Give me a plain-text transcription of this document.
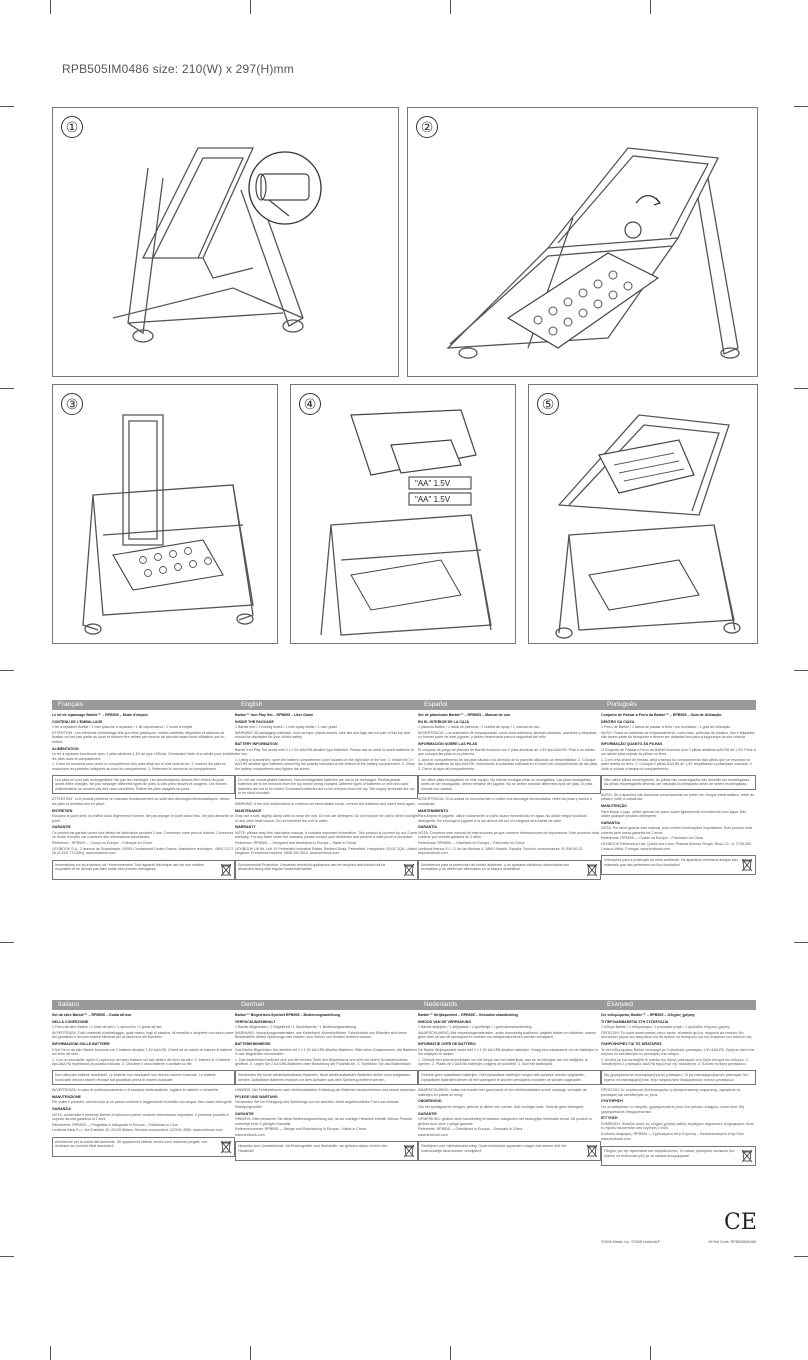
RPB505IM0486 size: 210(W) x 297(H)mm
①	②
③	④
"AA" 1.5V
"AA" 1.5V
⑤
Français
Le kit de repassage Barbie™ – RPB505 – Mode d'emploi
CONTENU DE L'EMBALLAGE
1 fer à repasser Barbie / 1 mini planche à repasser / 1 kit vaporisateur / 1 mode d'emploi
ATTENTION : Les éléments d'emballage tels que films plastiques, rubans adhésifs, étiquettes et attaches de fixation ne font pas partie du jouet et doivent être retirés par mesure de sécurité avant toute utilisation par un enfant.
ALIMENTATION
Le fer à repasser fonctionne avec 2 piles alcalines 1,5V de type LR6/AA. Demandez l'aide d'un adulte pour installer les piles dans le compartiment.
1. Il faut un tournevis pour ouvrir le compartiment des piles situé sur le côté droit du fer. 2. Insérez les piles en respectant les polarités indiquées au fond du compartiment. 3. Refermez le couvercle du compartiment.
Les piles ne sont pas rechargeables. Ne pas les recharger. Les accumulateurs doivent être retirés du jouet avant d'être chargés. Ne pas mélanger différents types de piles ou des piles neuves et usagées. Les bornes d'alimentation ne doivent pas être court-circuitées. Retirer les piles usagées du jouet.
ATTENTION : si le produit présente un mauvais fonctionnement ou subit des décharges électrostatiques, retirez les piles et remettez-les en place.
ENTRETIEN
Essuyez le jouet avec un chiffon doux légèrement humide. Ne pas plonger le jouet dans l'eau. Ne pas démonter le jouet.
GARANTIE
Ce produit est garanti contre tout défaut de fabrication pendant 2 ans. Conservez votre preuve d'achat. Conservez ce mode d'emploi car il contient des informations importantes.
Référence : RPB505 — Conçu en Europe – Fabriqué en Chine
LEXIBOOK S.A., 2 avenue de Scandinavie, 91953 Courtaboeuf Cedex France. Assistance technique : 0892 23 27 26 (0,34 € TTC/Min), www.lexibook.com
Informations sur la protection de l'environnement. Tout appareil électrique usé est une matière recyclable et ne devrait pas faire partie des ordures ménagères.
English
Barbie™ Iron Play Set – RPB505 – User Guide
INSIDE THE PACKAGE
1 Barbie iron / 1 ironing board / 1 mini spray bottle / 1 user guide
WARNING: All packaging materials, such as tape, plastic sheets, wire ties and tags are not part of this toy and should be discarded for your child's safety.
BATTERY INFORMATION
Barbie Iron Play Set works with 2 x 1.5V AA/LR6 alkaline type batteries. Please ask an adult to insert batteries in the iron.
1. Using a screwdriver, open the battery compartment cover located on the right side of the iron. 2. Install the 2 x AA/LR6 alkaline type batteries observing the polarity indicated at the bottom of the battery compartment. 3. Close the battery compartment and tighten the screw.
Do not use rechargeable batteries. Non-rechargeable batteries are not to be recharged. Rechargeable batteries are to be removed from the toy before being charged. Different types of batteries or new and used batteries are not to be mixed. Exhausted batteries are to be removed from the toy. The supply terminals are not to be short-circuited.
WARNING: If the unit malfunctions or receives an electrostatic shock, remove the batteries and insert them again.
MAINTENANCE
Only use a soft, slightly damp cloth to clean the unit. Do not use detergent. Do not expose the unit to direct sunlight or any other heat source. Do not immerse the unit in water.
WARRANTY
NOTE: please keep this instruction manual, it contains important information. This product is covered by our 2-year warranty. For any claim under the warranty please contact your distributor and present a valid proof of purchase.
Reference: RPB505 — Designed and developed in Europe – Made in China
LEXIBOOK UK ltd, Unit 10 Petersfield Industrial Estate, Bedford Road, Petersfield, Hampshire, GU32 3QA, United Kingdom. Freephone helpline: 0808 100 3015. www.lexibook.com
Environmental Protection. Unwanted electrical appliances can be recycled and should not be discarded along with regular household waste!
Español
Set de planchado Barbie™ – RPB505 – Manual de uso
EN EL INTERIOR DE LA CAJA
1 plancha Barbie / 1 tabla de planchar / 1 botella de spray / 1 manual de uso
ADVERTENCIA: Los materiales de empaquetado, como cinta adhesiva, láminas plásticas, alambres y etiquetas, no forman parte de este juguete, y deben desecharse para la seguridad del niño.
INFORMACIÓN SOBRE LAS PILAS
El conjunto de juego de plancha de Barbie funciona con 2 pilas alcalinas de 1,5V tipo AA/LR6. Pide a un adulto que coloque las pilas en la plancha.
1. Abra el compartimento de las pilas situado a la derecha de la plancha utilizando un destornillador. 2. Coloque las 2 pilas alcalinas de tipo AA/LR6, observando la polaridad indicada en el fondo del compartimento de las pilas. 3. Cierre la tapa del compartimento.
No utilice pilas recargables en este equipo. No intente recargar pilas no recargables. Las pilas recargables, antes de ser recargadas, deben retirarse del juguete. No se deben mezclar diferentes tipos de pilas, ni pilas nuevas con usadas.
ADVERTENCIA: Si la unidad no funciona bien o recibe una descarga electrostática, retire las pilas y vuelva a colocarlas.
MANTENIMIENTO
Para limpiar el juguete, utilice únicamente un paño suave humedecido en agua. No utilice ningún producto detergente. No exponga el juguete a la luz directa del sol ni a ninguna otra fuente de calor.
GARANTÍA
NOTA: Conserve este manual de instrucciones ya que contiene informaciones de importancia. Este producto está cubierto por nuestra garantía de 2 años.
Referencia: RPB505 — Diseñado en Europa – Fabricado en China
Lexibook Ibérica S.L, C/ de las Hiedras 4, 28691 Madrid, España. Servicio consumidores: 91 548 89 32. www.lexibook.com
Advertencia para la protección del medio ambiente. ¡Los aparatos eléctricos desechados son reciclables y no deben ser eliminados en la basura doméstica!
Português
Conjunto de Passar a Ferro da Barbie™ – RPB505 – Guia de Utilização
DENTRO DA CAIXA
1 Ferro de Barbie / 1 tábua de passar a ferro / um borrifador / 1 guia de utilização
AVISO: Todos os materiais de empacotamento, como fitas, películas de plástico, fios e etiquetas não fazem parte do brinquedo e devem ser deitados fora para a segurança da sua criança.
INFORMAÇÃO QUANTO ÀS PILHAS
O Conjunto de Passar a Ferro da Barbie funciona com 2 pilhas alcalinas AA/LR6 de 1,5V. Pede a um adulto para colocar as pilhas no ferro.
1. Com uma chave de fendas, abra a tampa do compartimento das pilhas que se encontra na parte direita do ferro. 2. Coloque 2 pilhas AA/LR6 de 1,5V respeitando a polaridade indicada. 3. Volte a colocar a tampa do compartimento.
Não utilize pilhas recarregáveis. As pilhas não recarregáveis não deverão ser recarregadas. As pilhas recarregáveis deverão ser retiradas do brinquedo antes de serem recarregadas.
AVISO: Se o aparelho não funcionar correctamente ou sofrer um choque electrostático, retire as pilhas e volte a colocá-las.
MANUTENÇÃO
Para limpar o jogo, utilize apenas um pano suave ligeiramente humedecido com água. Não utilize qualquer produto detergente.
GARANTIA
NOTA: Por favor guarde este manual, pois contém informações importantes. Este produto está coberto pela nossa garantia de 2 anos.
Referência: RPB505 — Criado na Europa – Fabricado na China
LEXIBOOK Electronica Lda, Quinta dos Loios, Praceta António Sérgio, Bloco 22 - A, 2795-065 Linda-a-Velha, Portugal. www.lexibook.com
Indicações para a protecção do meio ambiente. Os aparelhos eléctricos antigos são materiais que não pertencem ao lixo doméstico!
Italiano
Set da stiro Barbie™ – RPB505 – Guida all'uso
NELLA CONFEZIONE
1 Ferro da stiro Barbie / 1 Asse da stiro / 1 spruzzino / 1 guida all'uso
AVVERTENZA: Tutti i materiali di imballaggio, quali nastro, fogli di plastica, fili metallici e targhette non fanno parte del giocattolo e devono essere eliminati per la sicurezza del bambino.
INFORMAZIONI SULLE BATTERIE
Il Set Ferro da stiro Barbie funziona con 2 batterie alcaline 1,5V AA/LR6. Chiedi ad un adulto di inserire le batterie nel ferro da stiro.
1. Con un cacciavite, aprire il coperchio del vano batterie sul lato destro del ferro da stiro. 2. Inserire le 2 batterie tipo AA/LR6 rispettando la polarità indicata. 3. Chiudere il vano batterie e avvitare la vite.
Non utilizzare batterie ricaricabili. Le batterie non ricaricabili non devono essere ricaricate. Le batterie ricaricabili devono essere rimosse dal giocattolo prima di essere ricaricate.
AVVERTENZA: In caso di malfunzionamento o di scariche elettrostatiche, togliere le batterie e reinserirle.
MANUTENZIONE
Per pulire il prodotto, servirsi solo di un panno morbido e leggermente inumidito con acqua. Non usare detergenti.
GARANZIA
NOTA: conservate il presente libretto di istruzioni poiché contiene informazioni importanti. Il presente prodotto è coperto da una garanzia di 2 anni.
Riferimento: RPB505 — Progettato e sviluppato in Europa – Fabbricato in Cina
Lexibook Italia S.r.l, Via Eustachi 45, 20129 Milano. Servizio consumatori: 022040 4959. www.lexibook.com
Avvertenze per la tutela dell'ambiente. Gli apparecchi elettrici vecchi sono materiali pregiati, non rientrano nei normali rifiuti domestici!
German
Barbie™ Bügeleisen-Spielset RPB505 – Bedienungsanleitung
VERPACKUNGSINHALT
1 Barbie-Bügeleisen / 1 Bügelbrett / 1 Sprühflasche / 1 Bedienungsanleitung
WARNUNG: Verpackungsmaterialien, wie Klebeband, Kunststofffolien, Schnürdraht und Etiketten sind keine Bestandteile dieses Spielzeugs und müssen zum Schutz von Kindern entfernt werden.
BATTERIEHINWEISE
Das Barbie Bügeleisen-Set arbeitet mit 2 x 1,5V AA/LR6 Alkaline-Batterien. Bitte einen Erwachsenen, die Batterien in das Bügeleisen einzusetzen.
1. Das Batteriefach befindet sich auf der rechten Seite des Bügeleisens und wird mit einem Schraubenzieher geöffnet. 2. Legen Sie 2 AA/LR6-Batterien unter Beachtung der Polarität ein. 3. Schließen Sie das Batteriefach.
Verwenden Sie keine wiederaufladbaren Batterien. Nicht wiederaufladbare Batterien dürfen nicht aufgeladen werden. Aufladbare Batterien müssen vor dem Aufladen aus dem Spielzeug entfernt werden.
HINWEIS: Bei Fehlfunktionen oder elektrostatischer Entladung die Batterien herausnehmen und erneut einsetzen.
PFLEGE UND WARTUNG
Verwenden Sie zur Reinigung des Spielzeugs nur ein weiches, leicht angefeuchtetes Tuch und niemals Reinigungsmittel.
GARANTIE
HINWEIS: Bitte bewahren Sie diese Bedienungsanleitung auf, da sie wichtige Hinweise enthält. Dieses Produkt unterliegt einer 2-jährigen Garantie.
Referenznummer: RPB505 — Design und Entwicklung in Europa – Made in China
www.lexibook.com
Hinweise zum Umweltschutz. Alt-Elektrogeräte sind Wertstoffe, sie gehören daher nicht in den Hausmüll!
Nederlands
Barbie™ Strijkspeelset – RPB505 – Gebruikershandleiding
INHOUD VAN DE VERPAKKING
1 Barbie strijkijzer / 1 strijkplank / 1 spuitflesje / 1 gebruikershandleiding
WAARSCHUWING: Alle verpakkingsmaterialen, zoals doorzichtig plakband, plastiek bladen en etiketten, maken geen deel uit van dit speelgoed en moeten om veiligheidsredenen worden verwijderd.
INFORMATIE OVER DE BATTERIJ
De Barbie Strijkspeelset werkt met 2 x 1,5V AA/LR6 alkaline batterijen. Vraag een volwassene om de batterijen in het strijkijzer te steken.
1. Gebruik een schroevendraaier om het klepje van het batterijvak, aan de rechterzijde van het strijkijzer, te openen. 2. Plaats de 2 AA/LR6 batterijen volgens de polariteit. 3. Sluit het batterijvak.
Gebruik geen oplaadbare batterijen. Niet-oplaadbare batterijen mogen niet opnieuw worden opgeladen. Oplaadbare batterijen dienen uit het speelgoed te worden verwijderd vooraleer ze worden opgeladen.
WAARSCHUWING: Indien het toestel niet goed werkt of een elektrostatische schok ontvangt, verwijder de batterijen en plaats ze terug.
ONDERHOUD
Om het speelgoed te reinigen, gebruik je alleen een zachte, licht vochtige doek. Gebruik geen detergent.
GARANTIE
OPMERKING: gelieve deze handleiding te bewaren aangezien het belangrijke informatie bevat. Dit product is gedekt door onze 2-jarige garantie.
Referentie: RPB505 — Ontwikkeld in Europa – Gemaakt in China
www.lexibook.com
Richtlijnen voor milieubescherming. Oude elektrische apparaten mogen niet samen met het huishoudelijk afval worden verwijderd!
Ελληνικά
Σετ σιδερώματος Barbie™ – RPB505 – Οδηγίες χρήσης
ΤΙ ΠΕΡΙΛΑΜΒΑΝΕΤΑΙ ΣΤΗ ΣΥΣΚΕΥΑΣΙΑ
1 σίδερο Barbie / 1 σιδερώστρα / 1 μπουκάλι σπρέι / 1 φυλλάδιο οδηγιών χρήσης
ΠΡΟΣΟΧΗ: Τα υλικά συσκευασίας όπως ταινία, πλαστικά φύλλα, σύρματα και ετικέτες δεν αποτελούν μέρος του παιχνιδιού και θα πρέπει να πεταχτούν για την ασφάλεια του παιδιού σας.
ΠΛΗΡΟΦΟΡΙΕΣ ΓΙΑ ΤΙΣ ΜΠΑΤΑΡΙΕΣ
Το σετ σιδερώματος Barbie λειτουργεί με 2 αλκαλικές μπαταρίες 1,5V AA/LR6. Ζητήστε από έναν ενήλικα να τοποθετήσει τις μπαταρίες στο σίδερο.
1. Ανοίξτε με ένα κατσαβίδι το καπάκι της θήκης μπαταριών στη δεξιά πλευρά του σίδερου. 2. Τοποθετήστε 2 μπαταρίες AA/LR6 τηρώντας την πολικότητα. 3. Κλείστε τη θήκη μπαταριών.
Μη χρησιμοποιείτε επαναφορτιζόμενες μπαταρίες. Οι μη επαναφορτιζόμενες μπαταρίες δεν πρέπει να επαναφορτίζονται. Μην αναμειγνύετε διαφορετικούς τύπους μπαταριών.
ΠΡΟΣΟΧΗ: Σε περίπτωση δυσλειτουργίας ή ηλεκτροστατικής εκφόρτισης, αφαιρέστε τις μπαταρίες και τοποθετήστε τις ξανά.
ΣΥΝΤΗΡΗΣΗ
Για να καθαρίσετε το παιχνίδι, χρησιμοποιήστε μόνο ένα μαλακό, ελαφρώς νωπό πανί. Μη χρησιμοποιείτε απορρυπαντικά.
ΕΓΓΥΗΣΗ
ΣΗΜΕΙΩΣΗ: Φυλάξτε αυτές τις οδηγίες χρήσης καθώς περιέχουν σημαντικές πληροφορίες. Αυτό το προϊόν καλύπτεται από εγγύηση 2 ετών.
Κωδικός αναφοράς: RPB505 — Σχεδιασμένο στην Ευρώπη – Κατασκευασμένο στην Κίνα
www.lexibook.com
Οδηγίες για την προστασία του περιβάλλοντος. Οι παλιές ηλεκτρικές συσκευές δεν πρέπει να πετιούνται μαζί με τα οικιακά απορρίμματα!
CE
©2008 Mattel, Inc. ©2008 Lexibook®	IM Ref Code: RPB505IM0486
